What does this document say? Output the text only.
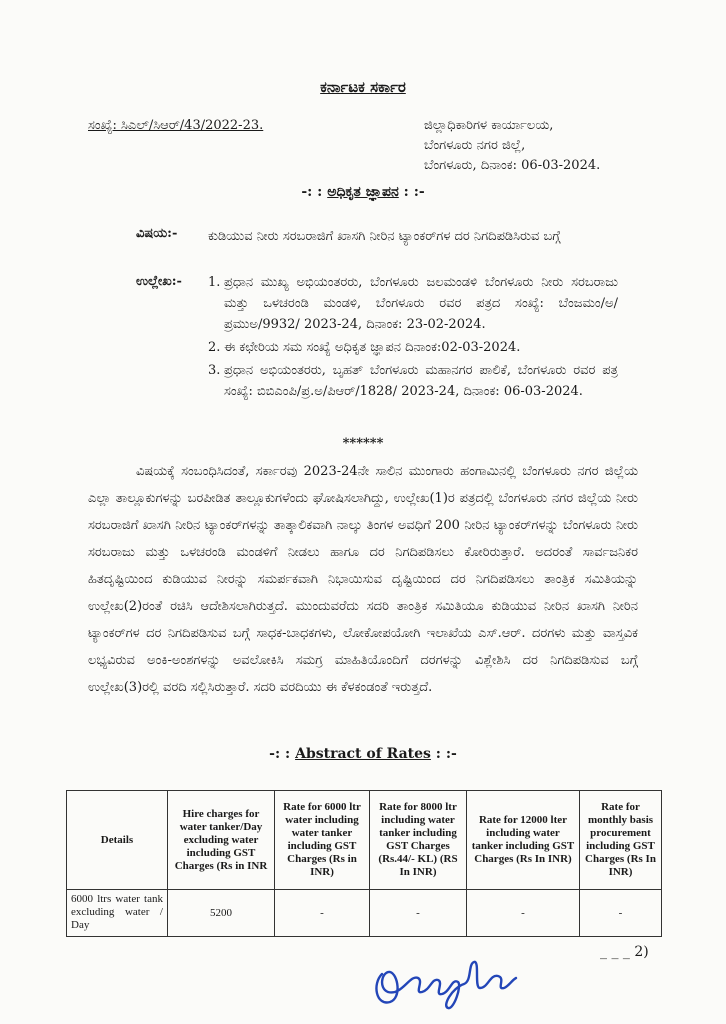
ಕರ್ನಾಟಕ ಸರ್ಕಾರ
ಸಂಖ್ಯೆ: ಸಿಎಲ್/ಸಿಆರ್/43/2022-23.	ಜಿಲ್ಲಾಧಿಕಾರಿಗಳ ಕಾರ್ಯಾಲಯ,
ಬೆಂಗಳೂರು ನಗರ ಜಿಲ್ಲೆ,
ಬೆಂಗಳೂರು, ದಿನಾಂಕ: 06-03-2024.
-: : ಅಧಿಕೃತ ಜ್ಞಾಪನ : :-
ವಿಷಯ:- ಕುಡಿಯುವ ನೀರು ಸರಬರಾಜಿಗೆ ಖಾಸಗಿ ನೀರಿನ ಟ್ಯಾಂಕರ್‌ಗಳ ದರ ನಿಗದಿಪಡಿಸಿರುವ ಬಗ್ಗೆ
ಉಲ್ಲೇಖ:- 1. ಪ್ರಧಾನ ಮುಖ್ಯ ಅಭಿಯಂತರರು, ಬೆಂಗಳೂರು ಜಲಮಂಡಳಿ ಬೆಂಗಳೂರು ನೀರು ಸರಬರಾಜು ಮತ್ತು ಒಳಚರಂಡಿ ಮಂಡಳಿ, ಬೆಂಗಳೂರು ರವರ ಪತ್ರದ ಸಂಖ್ಯೆ: ಬೆಂಜಮಂ/ಅ/ಪ್ರಮುಅ/9932/ 2023-24, ದಿನಾಂಕ: 23-02-2024.
2. ಈ ಕಛೇರಿಯ ಸಮ ಸಂಖ್ಯೆ ಅಧಿಕೃತ ಜ್ಞಾಪನ ದಿನಾಂಕ:02-03-2024.
3. ಪ್ರಧಾನ ಅಭಿಯಂತರರು, ಬೃಹತ್ ಬೆಂಗಳೂರು ಮಹಾನಗರ ಪಾಲಿಕೆ, ಬೆಂಗಳೂರು ರವರ ಪತ್ರ ಸಂಖ್ಯೆ: ಬಿಬಿಎಂಪಿ/ಪ್ರ.ಅ/ಪಿಆರ್/1828/ 2023-24, ದಿನಾಂಕ: 06-03-2024.
******
ವಿಷಯಕ್ಕೆ ಸಂಬಂಧಿಸಿದಂತೆ, ಸರ್ಕಾರವು 2023-24ನೇ ಸಾಲಿನ ಮುಂಗಾರು ಹಂಗಾಮಿನಲ್ಲಿ ಬೆಂಗಳೂರು ನಗರ ಜಿಲ್ಲೆಯ ಎಲ್ಲಾ ತಾಲ್ಲೂಕುಗಳನ್ನು ಬರಪೀಡಿತ ತಾಲ್ಲೂಕುಗಳೆಂದು ಘೋಷಿಸಲಾಗಿದ್ದು, ಉಲ್ಲೇಖ(1)ರ ಪತ್ರದಲ್ಲಿ ಬೆಂಗಳೂರು ನಗರ ಜಿಲ್ಲೆಯ ನೀರು ಸರಬರಾಜಿಗೆ ಖಾಸಗಿ ನೀರಿನ ಟ್ಯಾಂಕರ್‌ಗಳನ್ನು ತಾತ್ಕಾಲಿಕವಾಗಿ ನಾಲ್ಕು ತಿಂಗಳ ಅವಧಿಗೆ 200 ನೀರಿನ ಟ್ಯಾಂಕರ್‌ಗಳನ್ನು ಬೆಂಗಳೂರು ನೀರು ಸರಬರಾಜು ಮತ್ತು ಒಳಚರಂಡಿ ಮಂಡಳಿಗೆ ನೀಡಲು ಹಾಗೂ ದರ ನಿಗದಿಪಡಿಸಲು ಕೋರಿರುತ್ತಾರೆ. ಅದರಂತೆ ಸಾರ್ವಜನಿಕರ ಹಿತದೃಷ್ಟಿಯಿಂದ ಕುಡಿಯುವ ನೀರನ್ನು ಸಮರ್ಪಕವಾಗಿ ನಿಭಾಯಿಸುವ ದೃಷ್ಟಿಯಿಂದ ದರ ನಿಗದಿಪಡಿಸಲು ತಾಂತ್ರಿಕ ಸಮಿತಿಯನ್ನು ಉಲ್ಲೇಖ(2)ರಂತೆ ರಚಿಸಿ ಆದೇಶಿಸಲಾಗಿರುತ್ತದೆ. ಮುಂದುವರೆದು ಸದರಿ ತಾಂತ್ರಿಕ ಸಮಿತಿಯೂ ಕುಡಿಯುವ ನೀರಿನ ಖಾಸಗಿ ನೀರಿನ ಟ್ಯಾಂಕರ್‌ಗಳ ದರ ನಿಗದಿಪಡಿಸುವ ಬಗ್ಗೆ ಸಾಧಕ-ಬಾಧಕಗಳು, ಲೋಕೋಪಯೋಗಿ ಇಲಾಖೆಯ ಎಸ್.ಆರ್. ದರಗಳು ಮತ್ತು ವಾಸ್ತವಿಕ ಲಭ್ಯವಿರುವ ಅಂಕಿ-ಅಂಶಗಳನ್ನು ಅವಲೋಕಿಸಿ ಸಮಗ್ರ ಮಾಹಿತಿಯೊಂದಿಗೆ ದರಗಳನ್ನು ವಿಶ್ಲೇಶಿಸಿ ದರ ನಿಗದಿಪಡಿಸುವ ಬಗ್ಗೆ ಉಲ್ಲೇಖ(3)ರಲ್ಲಿ ವರದಿ ಸಲ್ಲಿಸಿರುತ್ತಾರೆ. ಸದರಿ ವರದಿಯು ಈ ಕೆಳಕಂಡಂತೆ ಇರುತ್ತದೆ.
-: : Abstract of Rates : :-
Details	Hire charges for water tanker/Day excluding water including GST Charges (Rs in INR	Rate for 6000 ltr water including water tanker including GST Charges (Rs in INR)	Rate for 8000 ltr including water tanker including GST Charges (Rs.44/- KL) (RS In INR)	Rate for 12000 lter including water tanker including GST Charges (Rs In INR)	Rate for monthly basis procurement including GST Charges (Rs In INR)
6000 ltrs water tank excluding water / Day	5200	-	-	-	-
_ _ _ 2)
